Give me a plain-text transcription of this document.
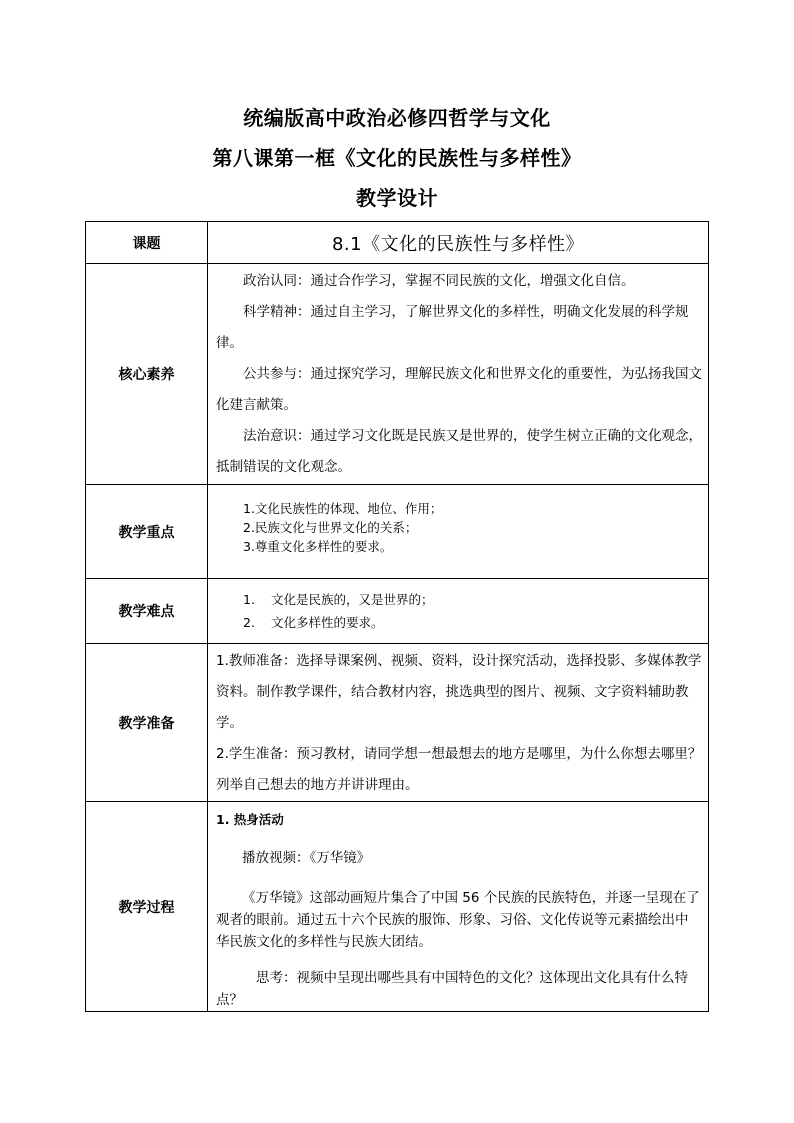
统编版高中政治必修四哲学与文化
第八课第一框《文化的民族性与多样性》
教学设计
课题	8.1《文化的民族性与多样性》
核心素养	政治认同：通过合作学习，掌握不同民族的文化，增强文化自信。
科学精神：通过自主学习，了解世界文化的多样性，明确文化发展的科学规律。
公共参与：通过探究学习，理解民族文化和世界文化的重要性，为弘扬我国文化建言献策。
法治意识：通过学习文化既是民族又是世界的，使学生树立正确的文化观念，抵制错误的文化观念。

教学重点	1.文化民族性的体现、地位、作用；
2.民族文化与世界文化的关系；
3.尊重文化多样性的要求。

教学难点	1. 文化是民族的，又是世界的；
2. 文化多样性的要求。

教学准备	1.教师准备：选择导课案例、视频、资料，设计探究活动，选择投影、多媒体教学资料。制作教学课件，结合教材内容，挑选典型的图片、视频、文字资料辅助教学。
2.学生准备：预习教材，请同学想一想最想去的地方是哪里，为什么你想去哪里？列举自己想去的地方并讲讲理由。

教学过程	1. 热身活动
播放视频：《万华镜》
《万华镜》这部动画短片集合了中国 56 个民族的民族特色，并逐一呈现在了观者的眼前。通过五十六个民族的服饰、形象、习俗、文化传说等元素描绘出中华民族文化的多样性与民族大团结。
思考：视频中呈现出哪些具有中国特色的文化？这体现出文化具有什么特点？
